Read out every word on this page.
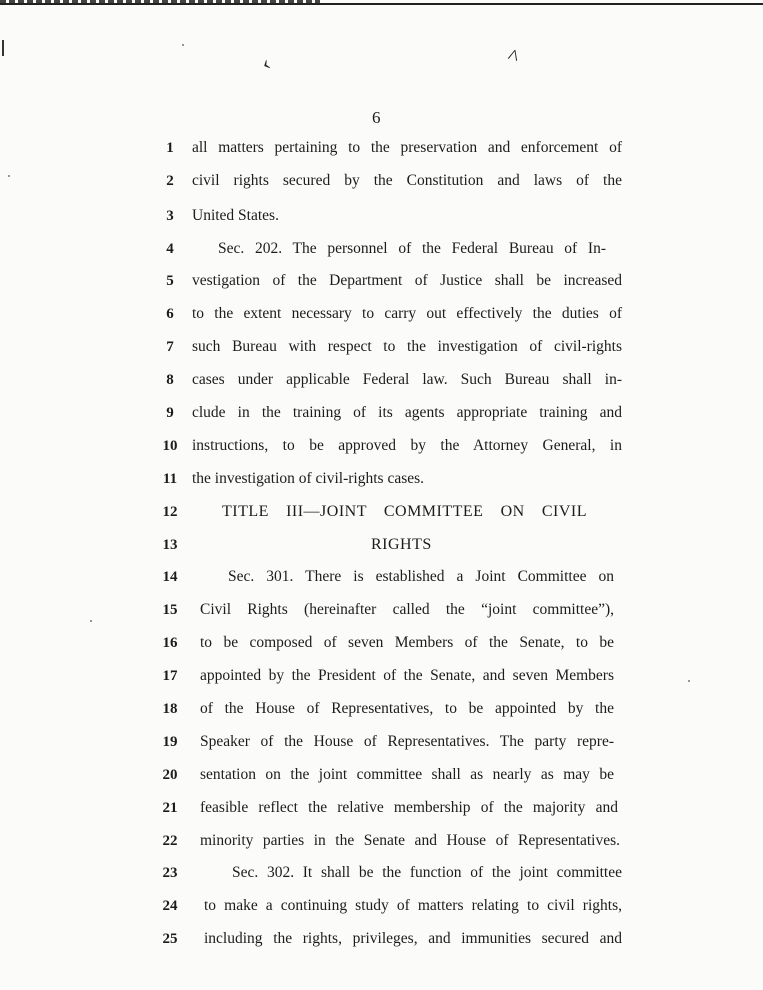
‹	^
6
1	all matters pertaining to the preservation and enforcement of
2	civil rights secured by the Constitution and laws of the
3	United States.
4	Sec. 202. The personnel of the Federal Bureau of In-
5	vestigation of the Department of Justice shall be increased
6	to the extent necessary to carry out effectively the duties of
7	such Bureau with respect to the investigation of civil-rights
8	cases under applicable Federal law. Such Bureau shall in-
9	clude in the training of its agents appropriate training and
10 instructions, to be approved by the Attorney General, in
11 the investigation of civil-rights cases.
12	TITLE III—JOINT COMMITTEE ON CIVIL
13	RIGHTS
14	Sec. 301. There is established a Joint Committee on
15 Civil Rights (hereinafter called the “joint committee”),
16 to be composed of seven Members of the Senate, to be
17 appointed by the President of the Senate, and seven Members
18 of the House of Representatives, to be appointed by the
19 Speaker of the House of Representatives. The party repre-
20 sentation on the joint committee shall as nearly as may be
21 feasible reflect the relative membership of the majority and
22 minority parties in the Senate and House of Representatives.
23	Sec. 302. It shall be the function of the joint committee
24 to make a continuing study of matters relating to civil rights,
25 including the rights, privileges, and immunities secured and
